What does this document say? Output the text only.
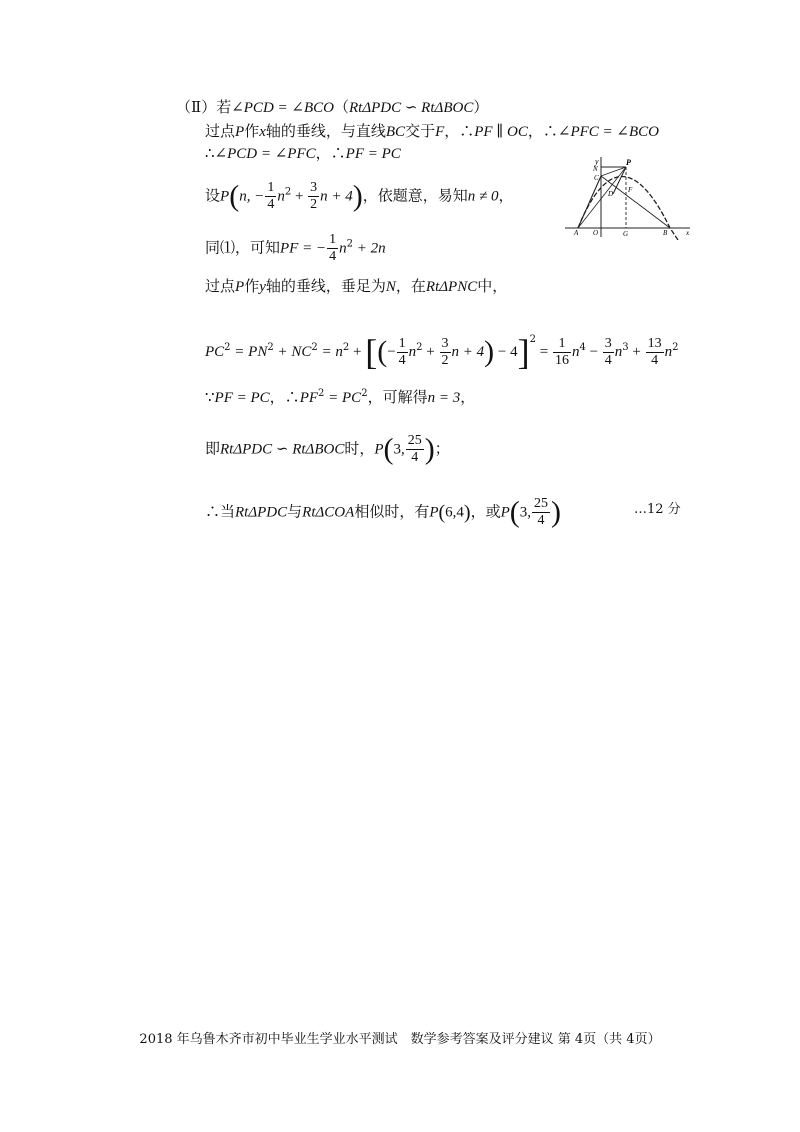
（Ⅱ）若∠PCD = ∠BCO（RtΔPDC ∽ RtΔBOC）
过点P作x轴的垂线，与直线BC交于F，∴PF ∥ OC，∴∠PFC = ∠BCO
∴∠PCD = ∠PFC，∴PF = PC
设P(n, − $\frac{1}{4} n^2 + \frac{3}{2}$ n + 4)，依题意，易知n ≠ 0，
同⑴，可知PF = − $\frac{1}{4} n^2 + 2n$
过点P作y轴的垂线，垂足为N，在RtΔPNC中，
$PC^2 = PN^2 + NC^2 = n^2$ + [(− $\frac{1}{4} n^2 + \frac{3}{2}$ $n + 4) - 4]^2 = \frac{1}{16} n^4 - \frac{3}{4} n^3 + \frac{13}{4} n^2$
∵PF = PC，$\therefore PF^2 = PC^2$，可解得n = 3，
即RtΔPDC ∽ RtΔBOC时，P(3, $\frac{25}{4}$ )；
∴当RtΔPDC与RtΔCOA相似时，有P(6,4)，或P(3, $\frac{25}{4}$ )	…12 分
y	P
N
C
D F
A O	G	B	x
2018 年乌鲁木齐市初中毕业生学业水平测试　数学参考答案及评分建议 第 4页（共 4页）
